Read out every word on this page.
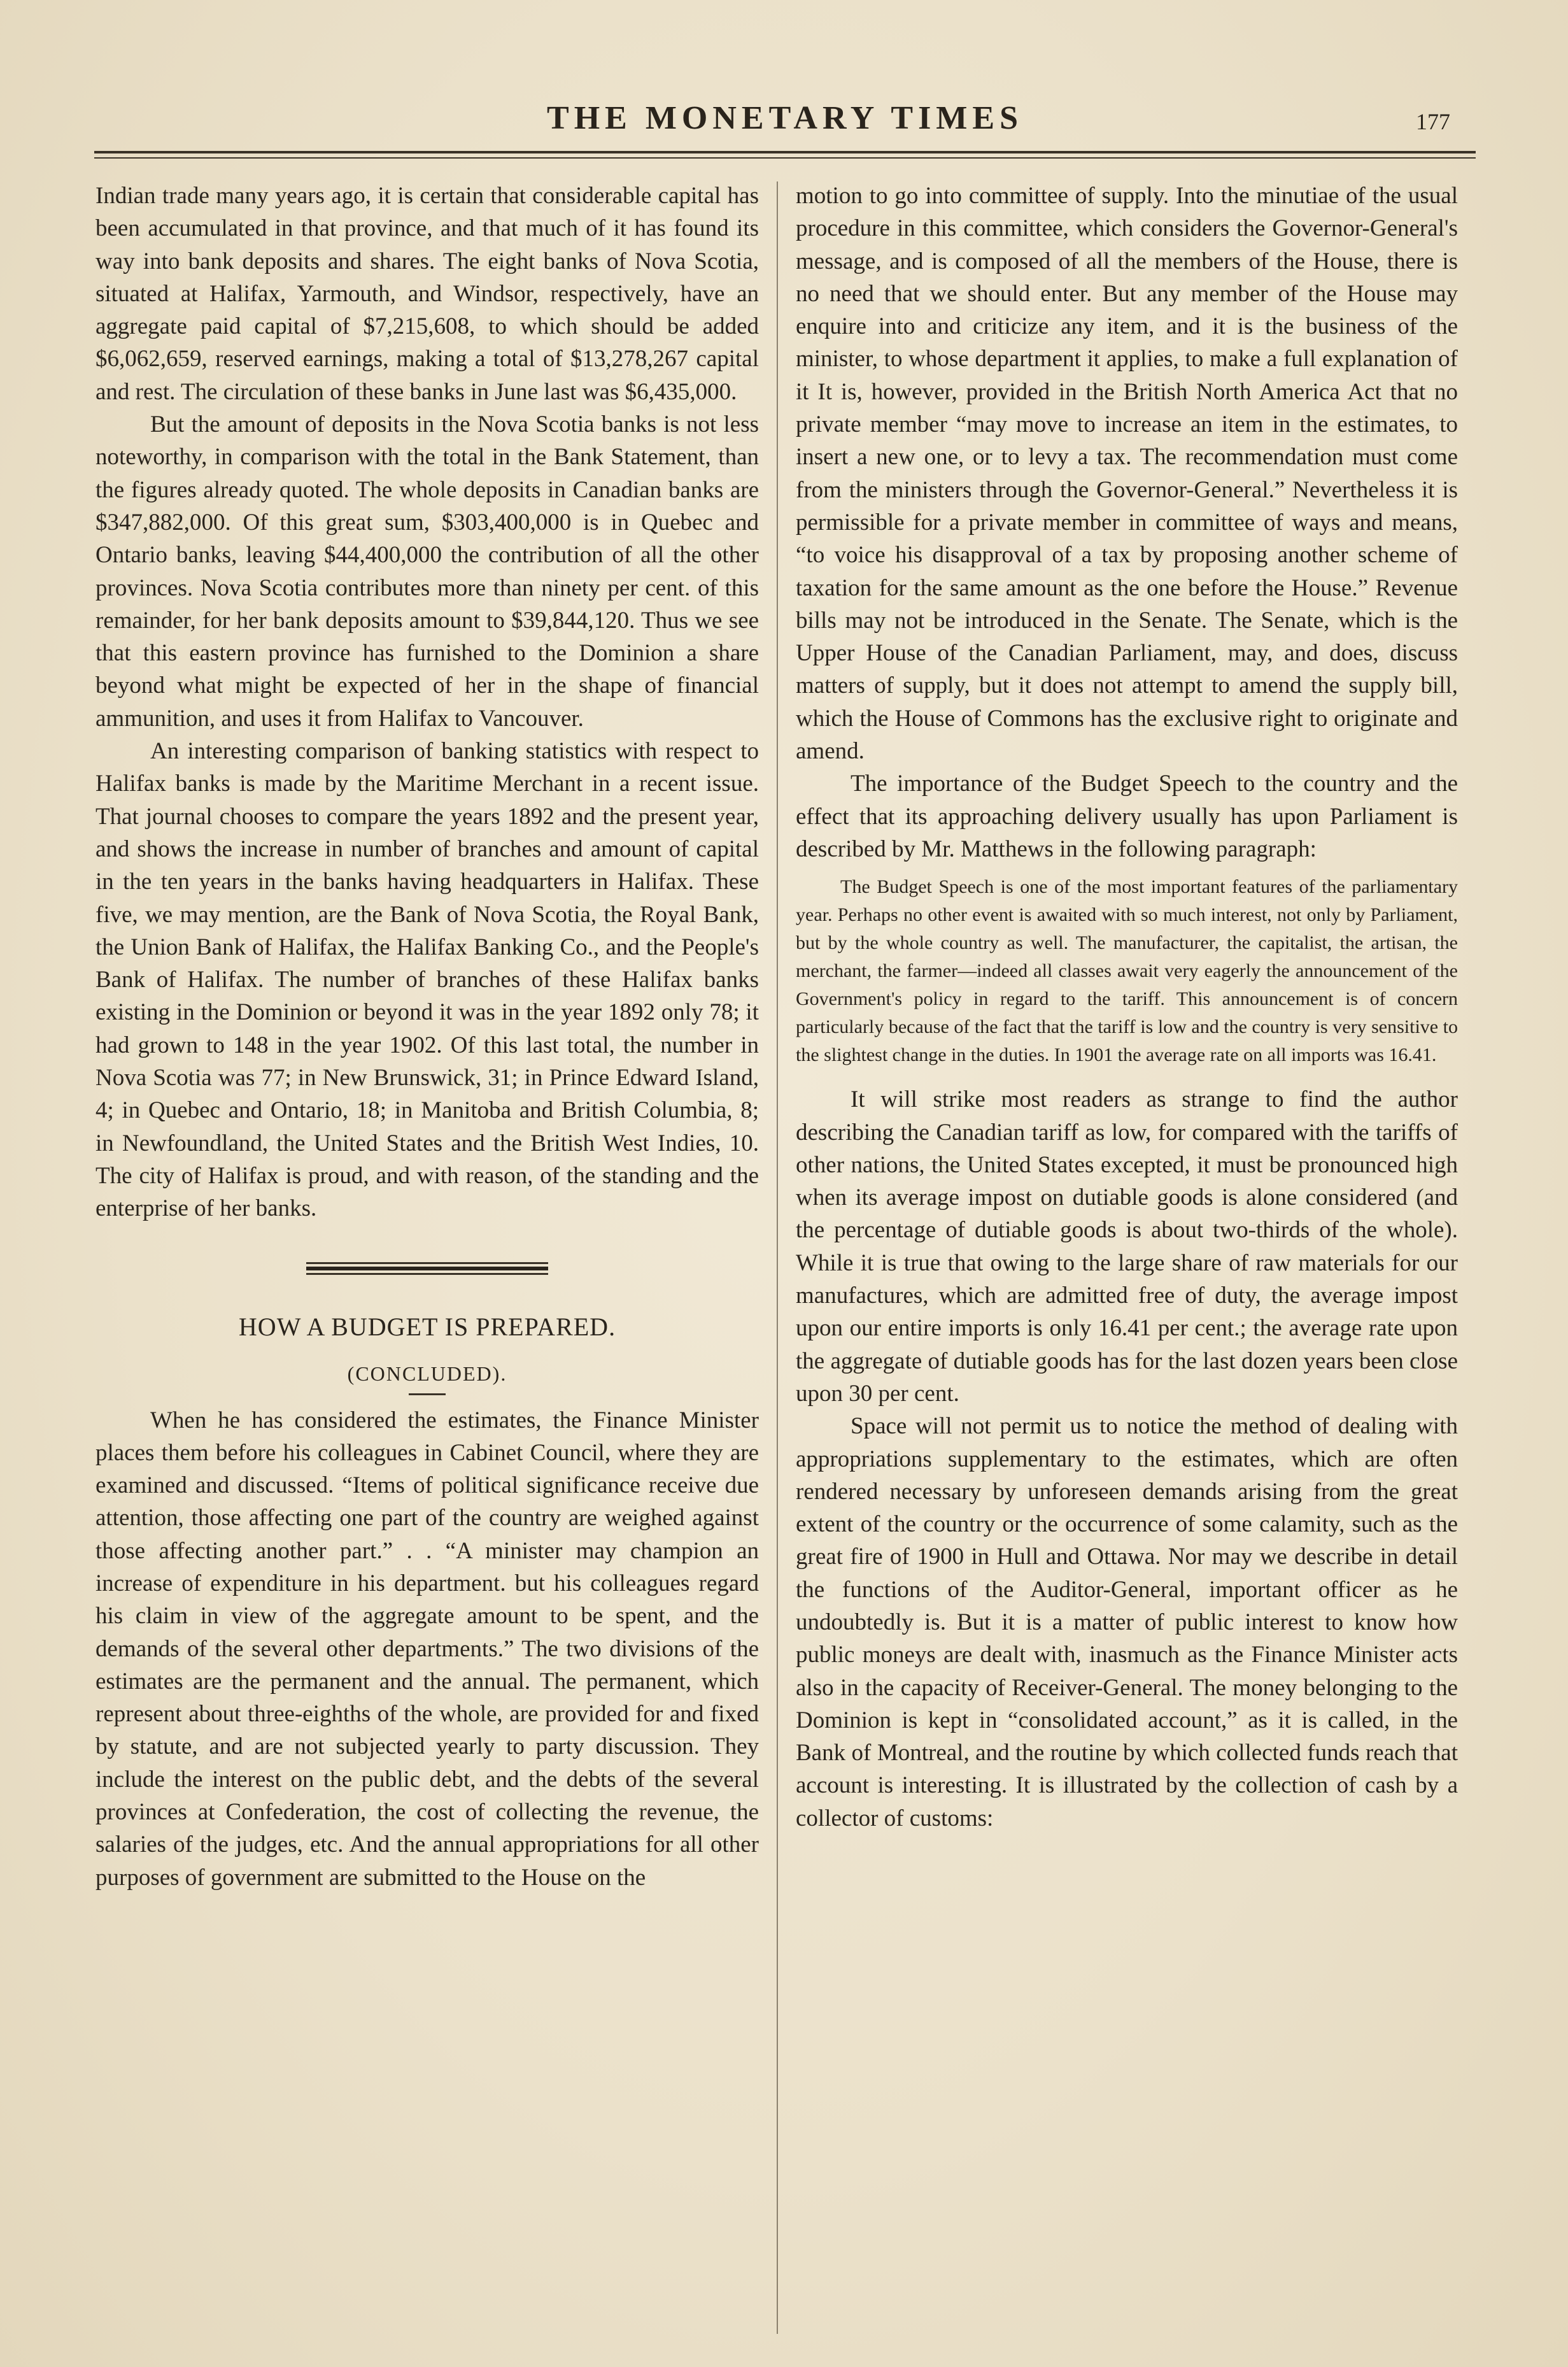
THE MONETARY TIMES	177

Indian trade many years ago, it is certain that considerable capital has been accumulated in that province, and that much of it has found its way into bank deposits and shares. The eight banks of Nova Scotia, situated at Halifax, Yarmouth, and Windsor, respectively, have an aggregate paid capital of $7,215,608, to which should be added $6,062,659, reserved earnings, making a total of $13,278,267 capital and rest. The circulation of these banks in June last was $6,435,000.

But the amount of deposits in the Nova Scotia banks is not less noteworthy, in comparison with the total in the Bank Statement, than the figures already quoted. The whole deposits in Canadian banks are $347,882,000. Of this great sum, $303,400,000 is in Quebec and Ontario banks, leaving $44,400,000 the contribution of all the other provinces. Nova Scotia contributes more than ninety per cent. of this remainder, for her bank deposits amount to $39,844,120. Thus we see that this eastern province has furnished to the Dominion a share beyond what might be expected of her in the shape of financial ammunition, and uses it from Halifax to Vancouver.

An interesting comparison of banking statistics with respect to Halifax banks is made by the Maritime Merchant in a recent issue. That journal chooses to compare the years 1892 and the present year, and shows the increase in number of branches and amount of capital in the ten years in the banks having headquarters in Halifax. These five, we may mention, are the Bank of Nova Scotia, the Royal Bank, the Union Bank of Halifax, the Halifax Banking Co., and the People's Bank of Halifax. The number of branches of these Halifax banks existing in the Dominion or beyond it was in the year 1892 only 78; it had grown to 148 in the year 1902. Of this last total, the number in Nova Scotia was 77; in New Brunswick, 31; in Prince Edward Island, 4; in Quebec and Ontario, 18; in Manitoba and British Columbia, 8; in Newfoundland, the United States and the British West Indies, 10. The city of Halifax is proud, and with reason, of the standing and the enterprise of her banks.

HOW A BUDGET IS PREPARED.
(CONCLUDED).

When he has considered the estimates, the Finance Minister places them before his colleagues in Cabinet Council, where they are examined and discussed. “Items of political significance receive due attention, those affecting one part of the country are weighed against those affecting another part.” . . “A minister may champion an increase of expenditure in his department. but his colleagues regard his claim in view of the aggregate amount to be spent, and the demands of the several other departments.” The two divisions of the estimates are the permanent and the annual. The permanent, which represent about three-eighths of the whole, are provided for and fixed by statute, and are not subjected yearly to party discussion. They include the interest on the public debt, and the debts of the several provinces at Confederation, the cost of collecting the revenue, the salaries of the judges, etc. And the annual appropriations for all other purposes of government are submitted to the House on the

motion to go into committee of supply. Into the minutiae of the usual procedure in this committee, which considers the Governor-General's message, and is composed of all the members of the House, there is no need that we should enter. But any member of the House may enquire into and criticize any item, and it is the business of the minister, to whose department it applies, to make a full explanation of it It is, however, provided in the British North America Act that no private member “may move to increase an item in the estimates, to insert a new one, or to levy a tax. The recommendation must come from the ministers through the Governor-General.” Nevertheless it is permissible for a private member in committee of ways and means, “to voice his disapproval of a tax by proposing another scheme of taxation for the same amount as the one before the House.” Revenue bills may not be introduced in the Senate. The Senate, which is the Upper House of the Canadian Parliament, may, and does, discuss matters of supply, but it does not attempt to amend the supply bill, which the House of Commons has the exclusive right to originate and amend.

The importance of the Budget Speech to the country and the effect that its approaching delivery usually has upon Parliament is described by Mr. Matthews in the following paragraph:

The Budget Speech is one of the most important features of the parliamentary year. Perhaps no other event is awaited with so much interest, not only by Parliament, but by the whole country as well. The manufacturer, the capitalist, the artisan, the merchant, the farmer—indeed all classes await very eagerly the announcement of the Government's policy in regard to the tariff. This announcement is of concern particularly because of the fact that the tariff is low and the country is very sensitive to the slightest change in the duties. In 1901 the average rate on all imports was 16.41.

It will strike most readers as strange to find the author describing the Canadian tariff as low, for compared with the tariffs of other nations, the United States excepted, it must be pronounced high when its average impost on dutiable goods is alone considered (and the percentage of dutiable goods is about two-thirds of the whole). While it is true that owing to the large share of raw materials for our manufactures, which are admitted free of duty, the average impost upon our entire imports is only 16.41 per cent.; the average rate upon the aggregate of dutiable goods has for the last dozen years been close upon 30 per cent.

Space will not permit us to notice the method of dealing with appropriations supplementary to the estimates, which are often rendered necessary by unforeseen demands arising from the great extent of the country or the occurrence of some calamity, such as the great fire of 1900 in Hull and Ottawa. Nor may we describe in detail the functions of the Auditor-General, important officer as he undoubtedly is. But it is a matter of public interest to know how public moneys are dealt with, inasmuch as the Finance Minister acts also in the capacity of Receiver-General. The money belonging to the Dominion is kept in “consolidated account,” as it is called, in the Bank of Montreal, and the routine by which collected funds reach that account is interesting. It is illustrated by the collection of cash by a collector of customs:
